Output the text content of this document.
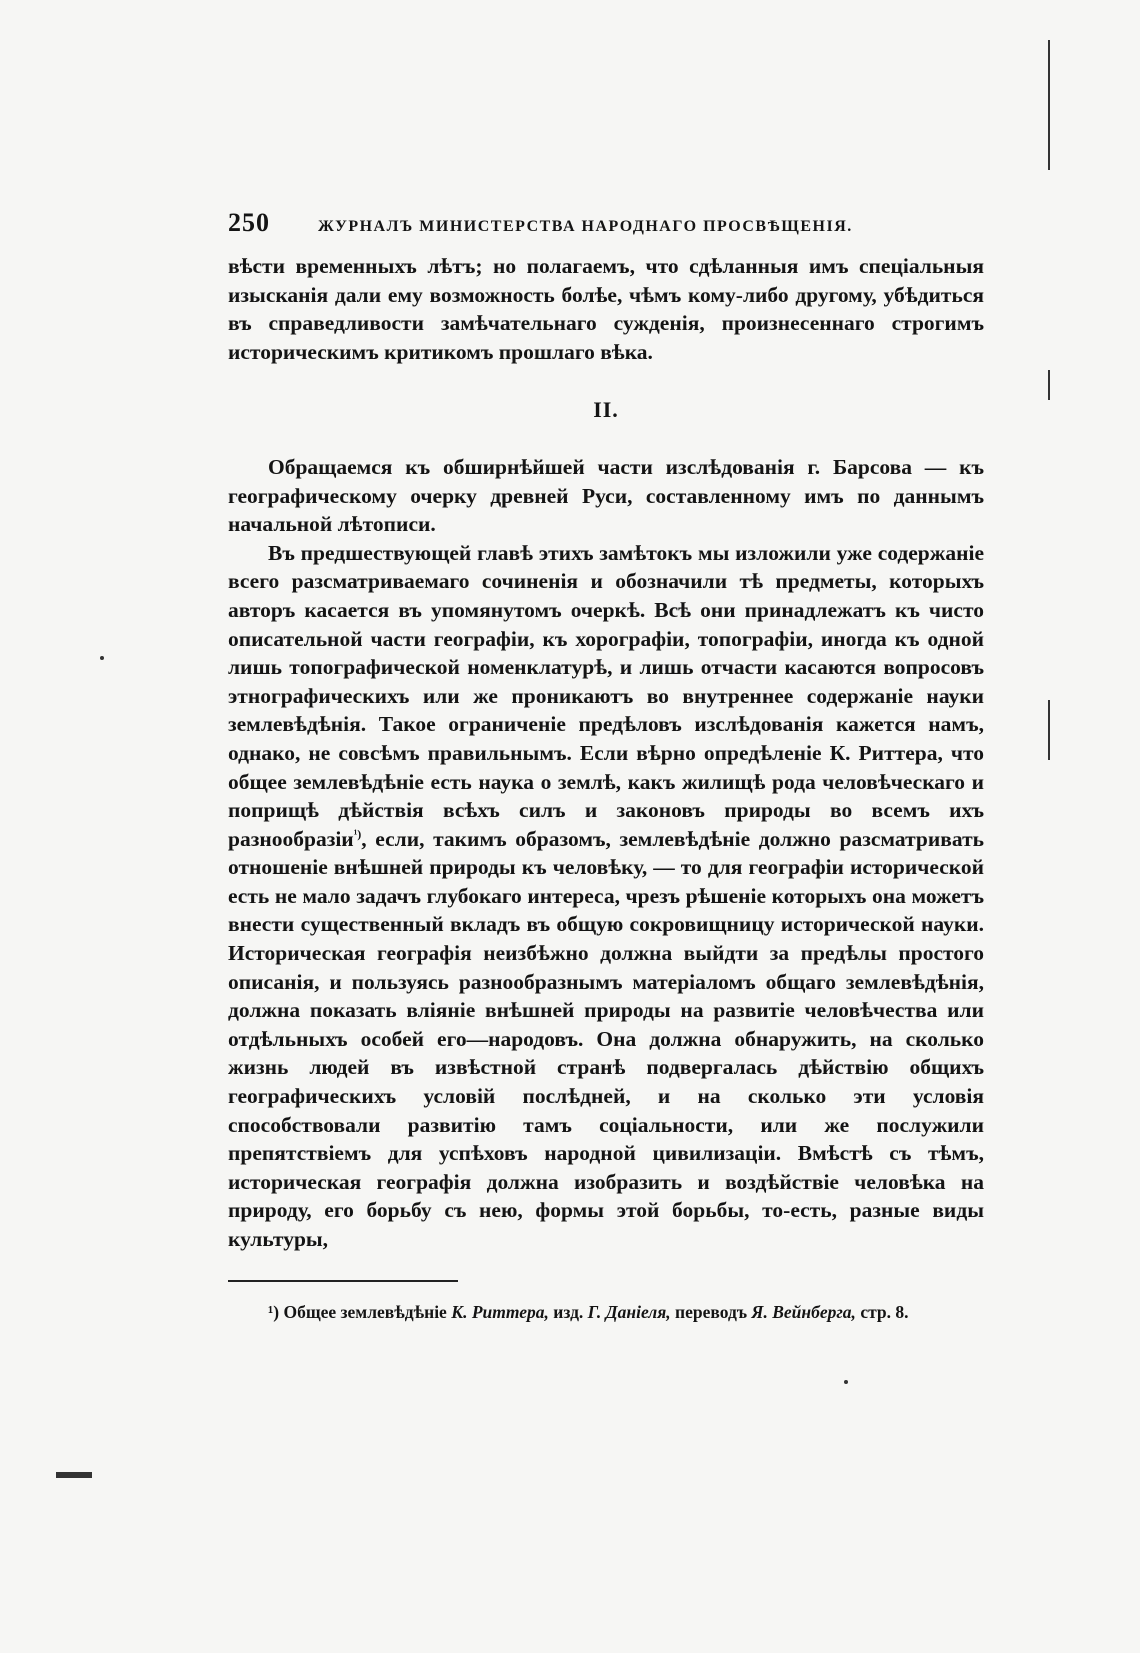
250	ЖУРНАЛЪ МИНИСТЕРСТВА НАРОДНАГО ПРОСВѢЩЕНІЯ.

вѣсти временныхъ лѣтъ; но полагаемъ, что сдѣланныя имъ спеціальныя изысканія дали ему возможность болѣе, чѣмъ кому-либо другому, убѣдиться въ справедливости замѣчательнаго сужденія, произнесеннаго строгимъ историческимъ критикомъ прошлаго вѣка.

II.

Обращаемся къ обширнѣйшей части изслѣдованія г. Барсова — къ географическому очерку древней Руси, составленному имъ по даннымъ начальной лѣтописи.

Въ предшествующей главѣ этихъ замѣтокъ мы изложили уже содержаніе всего разсматриваемаго сочиненія и обозначили тѣ предметы, которыхъ авторъ касается въ упомянутомъ очеркѣ. Всѣ они принадлежатъ къ чисто описательной части географіи, къ хорографіи, топографіи, иногда къ одной лишь топографической номенклатурѣ, и лишь отчасти касаются вопросовъ этнографическихъ или же проникаютъ во внутреннее содержаніе науки землевѣдѣнія. Такое ограниченіе предѣловъ изслѣдованія кажется намъ, однако, не совсѣмъ правильнымъ. Если вѣрно опредѣленіе К. Риттера, что общее землевѣдѣніе есть наука о землѣ, какъ жилищѣ рода человѣческаго и поприщѣ дѣйствія всѣхъ силъ и законовъ природы во всемъ ихъ разнообразіи$^{^1)}$, если, такимъ образомъ, землевѣдѣніе должно разсматривать отношеніе внѣшней природы къ человѣку, — то для географіи исторической есть не мало задачъ глубокаго интереса, чрезъ рѣшеніе которыхъ она можетъ внести существенный вкладъ въ общую сокровищницу исторической науки. Историческая географія неизбѣжно должна выйдти за предѣлы простого описанія, и пользуясь разнообразнымъ матеріаломъ общаго землевѣдѣнія, должна показать вліяніе внѣшней природы на развитіе человѣчества или отдѣльныхъ особей его—народовъ. Она должна обнаружить, на сколько жизнь людей въ извѣстной странѣ подвергалась дѣйствію общихъ географическихъ условій послѣдней, и на сколько эти условія способствовали развитію тамъ соціальности, или же послужили препятствіемъ для успѣховъ народной цивилизаціи. Вмѣстѣ съ тѣмъ, историческая географія должна изобразить и воздѣйствіе человѣка на природу, его борьбу съ нею, формы этой борьбы, то-есть, разные виды культуры,

¹) Общее землевѣдѣніе К. Риттера, изд. Г. Даніеля, переводъ Я. Вейнберга, стр. 8.
